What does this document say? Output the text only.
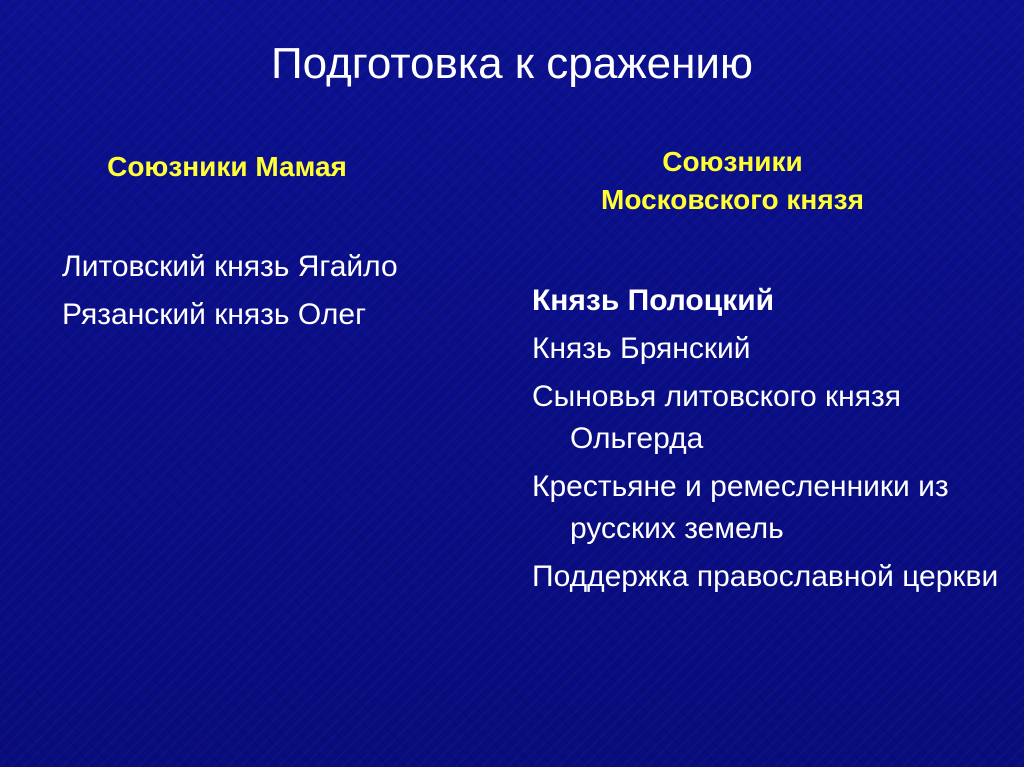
Подготовка к сражению
Союзники Мамая	Союзники
Московского князя
Литовский князь Ягайло
Рязанский князь Олег	Князь Полоцкий
Князь Брянский
Сыновья литовского князя Ольгерда
Крестьяне и ремесленники из русских земель
Поддержка православной церкви
